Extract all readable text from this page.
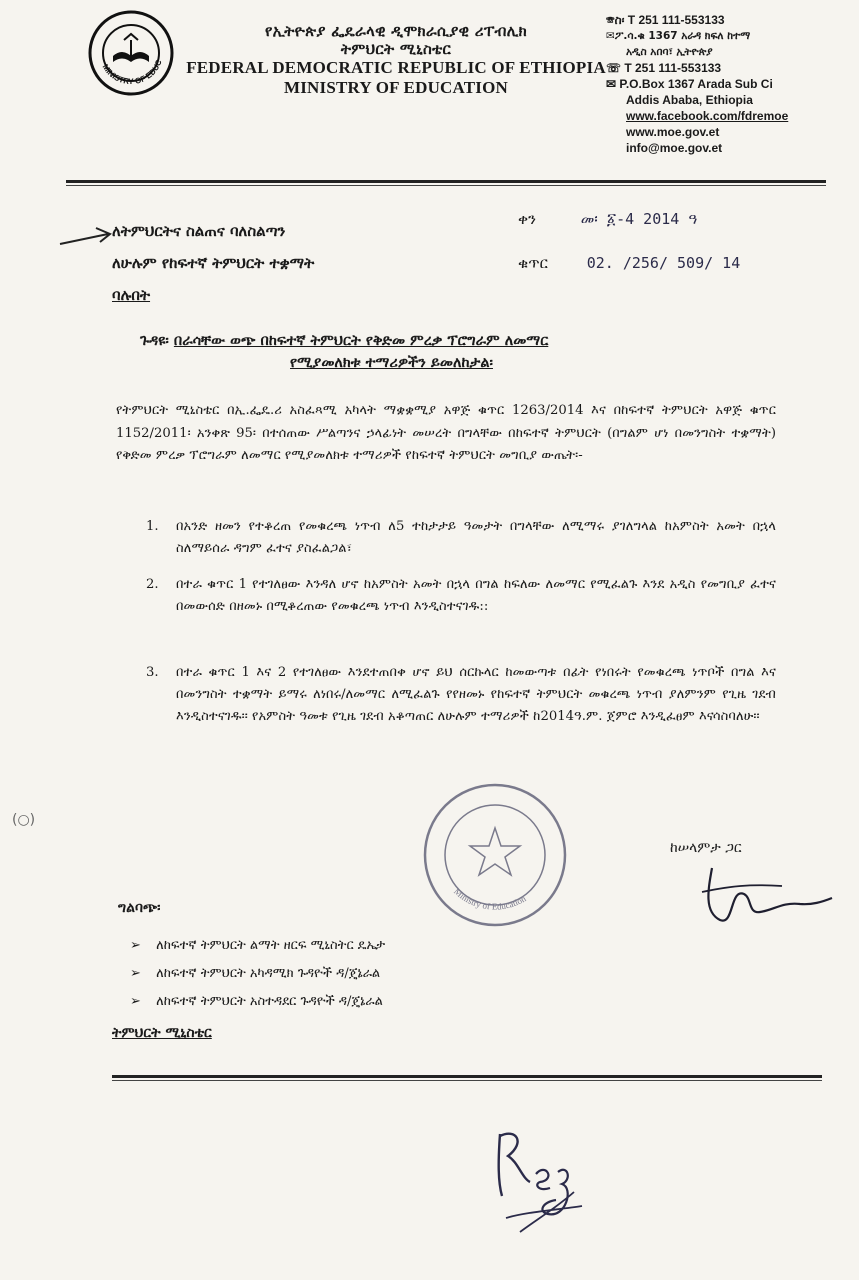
MINISTRY OF EDUC
የኢትዮጵያ ፌዴራላዊ ዲሞክራሲያዊ ሪፐብሊክ
ትምህርት ሚኒስቴር
FEDERAL DEMOCRATIC REPUBLIC OF ETHIOPIA
MINISTRY OF EDUCATION
☏ስ፡ T 251 111-553133
✉ፖ.ሳ.ቁ 1367 አራዳ ክፍለ ከተማ
አዲስ አበባ፣ ኢትዮጵያ
☏ T 251 111-553133
✉ P.O.Box 1367 Arada Sub Ci
Addis Ababa, Ethiopia
www.facebook.com/fdremoe
www.moe.gov.et
info@moe.gov.et
ለትምህርትና ስልጠና ባለስልጣን
ለሁሉም የከፍተኛ ትምህርት ተቋማት
ባሉበት
ቀን	መ፡ ፩-4 2014 ዓ
ቁጥር	02. /256/ 509/ 14
ጉዳዩ፡ በራሳቸው ወጭ በከፍተኛ ትምህርት የቅድመ ምረቃ ፕሮግራም ለመማር
የሚያመለክቱ ተማሪዎችን ይመለከታል፡
የትምህርት ሚኒስቴር በኢ.ፌዴ.ሪ አስፈጻሚ አካላት ማቋቋሚያ አዋጅ ቁጥር 1263/2014 እና በከፍተኛ ትምህርት አዋጅ ቁጥር 1152/2011፡ አንቀጽ 95፡ በተሰጠው ሥልጣንና ኃላፊነት መሠረት በግላቸው በከፍተኛ ትምህርት (በግልም ሆነ በመንግስት ተቋማት) የቅድመ ምረቃ ፕሮግራም ለመማር የሚያመለክቱ ተማሪዎች የከፍተኛ ትምህርት መግቢያ ውጤት፡-
1. በአንድ ዘመን የተቆረጠ የመቁረጫ ነጥብ ለ5 ተከታታይ ዓመታት በግላቸው ለሚማሩ ያገለግላል ከአምስት አመት በኋላ ስለማይሰራ ዳግም ፈተና ያስፈልጋል፣
2. በተራ ቁጥር 1 የተገለፀው እንዳለ ሆኖ ከአምስት አመት በኋላ በግል ከፍለው ለመማር የሚፈልጉ እንደ አዲስ የመግቢያ ፈተና በመውሰድ በዘመኑ በሚቆረጠው የመቁረጫ ነጥብ እንዲስተናገዱ::
3. በተራ ቁጥር 1 እና 2 የተገለፀው እንደተጠበቀ ሆኖ ይህ ሰርኩላር ከመውጣቱ በፊት የነበሩት የመቁረጫ ነጥቦች በግል እና በመንግስት ተቋማት ይማሩ ለነበሩ/ለመማር ለሚፈልጉ የየዘመኑ የከፍተኛ ትምህርት መቁረጫ ነጥብ ያለምንም የጊዜ ገደብ እንዲስተናገዱ፡፡ የአምስት ዓመቱ የጊዜ ገደብ አቆጣጠር ለሁሉም ተማሪዎች ከ2014ዓ.ም. ጀምሮ እንዲፈፀም እናሳስባለሁ፡፡
(○)
Ministry of Education
ከሠላምታ ጋር
ግልባጭ፡
➢ ለከፍተኛ ትምህርት ልማት ዘርፍ ሚኒስትር ዴኤታ
➢ ለከፍተኛ ትምህርት አካዳሚክ ጉዳዮች ዳ/ጄኔራል
➢ ለከፍተኛ ትምህርት አስተዳደር ጉዳዮች ዳ/ጄኔራል
ትምህርት ሚኒስቴር
